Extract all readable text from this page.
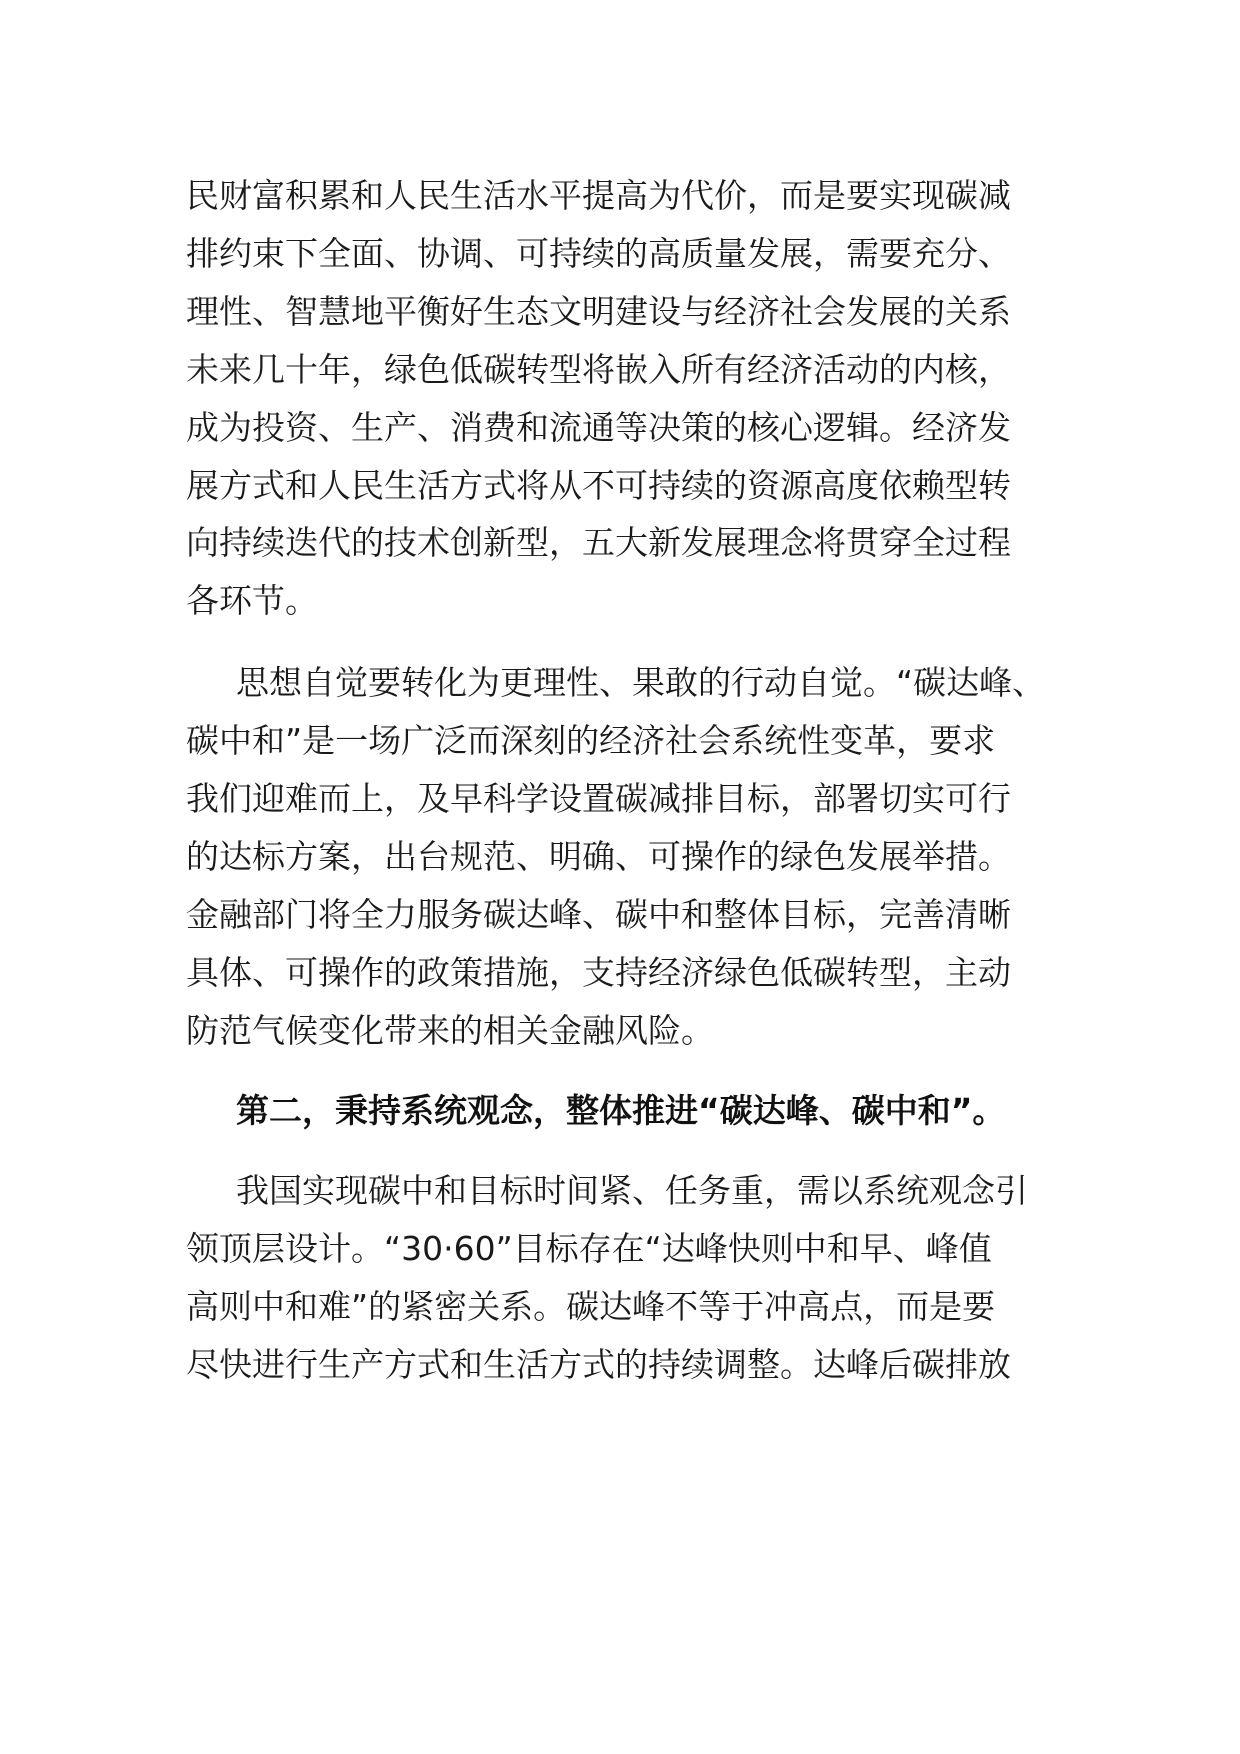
民财富积累和人民生活水平提高为代价，而是要实现碳减

排约束下全面、协调、可持续的高质量发展，需要充分、

理性、智慧地平衡好生态文明建设与经济社会发展的关系

未来几十年，绿色低碳转型将嵌入所有经济活动的内核，

成为投资、生产、消费和流通等决策的核心逻辑。经济发

展方式和人民生活方式将从不可持续的资源高度依赖型转

向持续迭代的技术创新型，五大新发展理念将贯穿全过程

各环节。

思想自觉要转化为更理性、果敢的行动自觉。“碳达峰、

碳中和”是一场广泛而深刻的经济社会系统性变革，要求

我们迎难而上，及早科学设置碳减排目标，部署切实可行

的达标方案，出台规范、明确、可操作的绿色发展举措。

金融部门将全力服务碳达峰、碳中和整体目标，完善清晰

具体、可操作的政策措施，支持经济绿色低碳转型，主动

防范气候变化带来的相关金融风险。

第二，秉持系统观念，整体推进“碳达峰、碳中和”。

我国实现碳中和目标时间紧、任务重，需以系统观念引

领顶层设计。“30·60”目标存在“达峰快则中和早、峰值

高则中和难”的紧密关系。碳达峰不等于冲高点，而是要

尽快进行生产方式和生活方式的持续调整。达峰后碳排放
